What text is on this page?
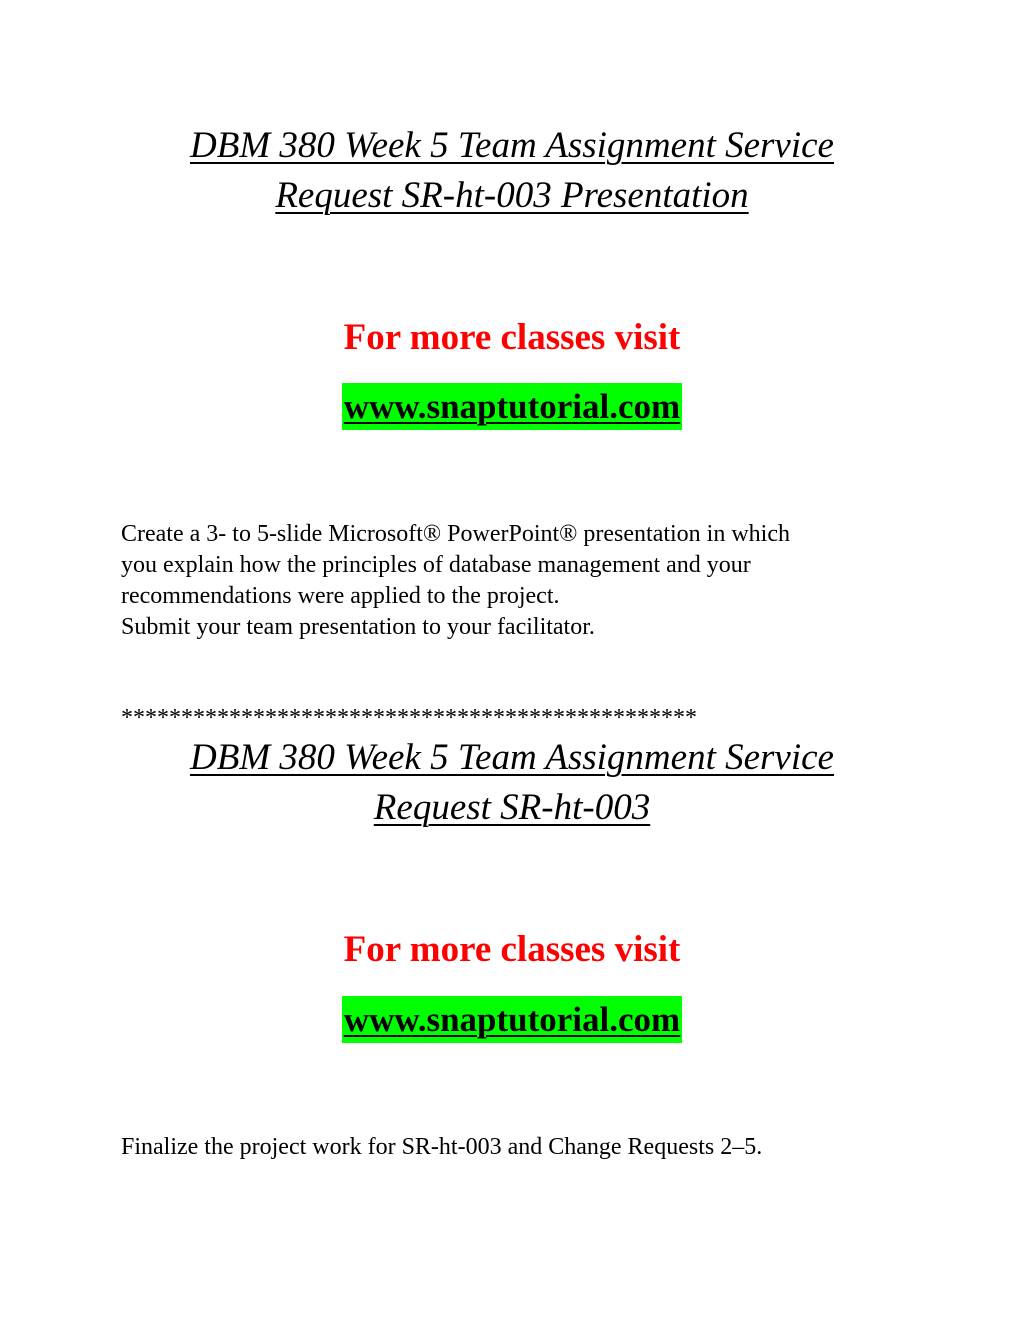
DBM 380 Week 5 Team Assignment Service
Request SR-ht-003 Presentation
For more classes visit
www.snaptutorial.com
Create a 3- to 5-slide Microsoft® PowerPoint® presentation in which
you explain how the principles of database management and your
recommendations were applied to the project.
Submit your team presentation to your facilitator.
************************************************
DBM 380 Week 5 Team Assignment Service
Request SR-ht-003
For more classes visit
www.snaptutorial.com
Finalize the project work for SR-ht-003 and Change Requests 2–5.
